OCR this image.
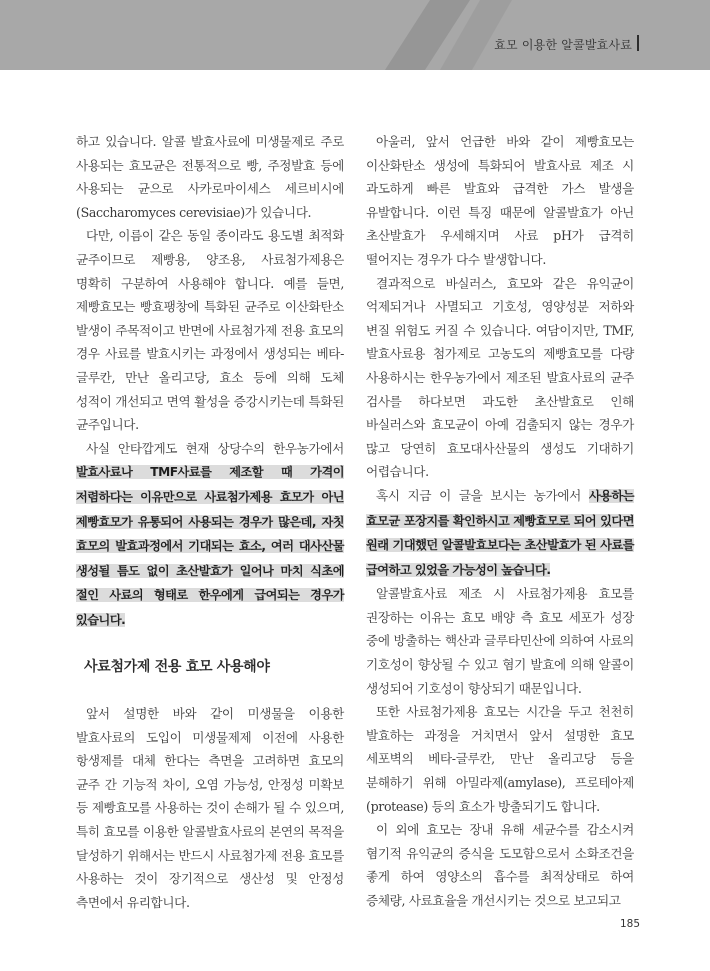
효모 이용한 알콜발효사료

하고 있습니다. 알콜 발효사료에 미생물제로 주로 사용되는 효모균은 전통적으로 빵, 주정발효 등에 사용되는 균으로 사카로마이세스 세르비시에(Saccharomyces cerevisiae)가 있습니다.

다만, 이름이 같은 동일 종이라도 용도별 최적화 균주이므로 제빵용, 양조용, 사료첨가제용은 명확히 구분하여 사용해야 합니다. 예를 들면, 제빵효모는 빵효팽창에 특화된 균주로 이산화탄소 발생이 주목적이고 반면에 사료첨가제 전용 효모의 경우 사료를 발효시키는 과정에서 생성되는 베타-글루칸, 만난 올리고당, 효소 등에 의해 도체 성적이 개선되고 면역 활성을 증강시키는데 특화된 균주입니다.

사실 안타깝게도 현재 상당수의 한우농가에서 발효사료나 TMF사료를 제조할 때 가격이 저렴하다는 이유만으로 사료첨가제용 효모가 아닌 제빵효모가 유통되어 사용되는 경우가 많은데, 자칫 효모의 발효과정에서 기대되는 효소, 여러 대사산물 생성될 틈도 없이 초산발효가 일어나 마치 식초에 절인 사료의 형태로 한우에게 급여되는 경우가 있습니다.

사료첨가제 전용 효모 사용해야

앞서 설명한 바와 같이 미생물을 이용한 발효사료의 도입이 미생물제제 이전에 사용한 항생제를 대체 한다는 측면을 고려하면 효모의 균주 간 기능적 차이, 오염 가능성, 안정성 미확보 등 제빵효모를 사용하는 것이 손해가 될 수 있으며, 특히 효모를 이용한 알콜발효사료의 본연의 목적을 달성하기 위해서는 반드시 사료첨가제 전용 효모를 사용하는 것이 장기적으로 생산성 및 안정성 측면에서 유리합니다.

아울러, 앞서 언급한 바와 같이 제빵효모는 이산화탄소 생성에 특화되어 발효사료 제조 시 과도하게 빠른 발효와 급격한 가스 발생을 유발합니다. 이런 특징 때문에 알콜발효가 아닌 초산발효가 우세해지며 사료 pH가 급격히 떨어지는 경우가 다수 발생합니다.

결과적으로 바실러스, 효모와 같은 유익균이 억제되거나 사멸되고 기호성, 영양성분 저하와 변질 위험도 커질 수 있습니다. 여담이지만, TMF, 발효사료용 첨가제로 고농도의 제빵효모를 다량 사용하시는 한우농가에서 제조된 발효사료의 균주 검사를 하다보면 과도한 초산발효로 인해 바실러스와 효모균이 아예 검출되지 않는 경우가 많고 당연히 효모대사산물의 생성도 기대하기 어렵습니다.

혹시 지금 이 글을 보시는 농가에서 사용하는 효모균 포장지를 확인하시고 제빵효모로 되어 있다면 원래 기대했던 알콜발효보다는 초산발효가 된 사료를 급여하고 있었을 가능성이 높습니다.

알콜발효사료 제조 시 사료첨가제용 효모를 권장하는 이유는 효모 배양 측 효모 세포가 성장 중에 방출하는 핵산과 글루타민산에 의하여 사료의 기호성이 향상될 수 있고 혐기 발효에 의해 알콜이 생성되어 기호성이 향상되기 때문입니다.

또한 사료첨가제용 효모는 시간을 두고 천천히 발효하는 과정을 거치면서 앞서 설명한 효모 세포벽의 베타-글루칸, 만난 올리고당 등을 분해하기 위해 아밀라제(amylase), 프로테아제(protease) 등의 효소가 방출되기도 합니다.

이 외에 효모는 장내 유해 세균수를 감소시켜 혐기적 유익균의 증식을 도모함으로서 소화조건을 좋게 하여 영양소의 흡수를 최적상태로 하여 증체량, 사료효율을 개선시키는 것으로 보고되고

185
